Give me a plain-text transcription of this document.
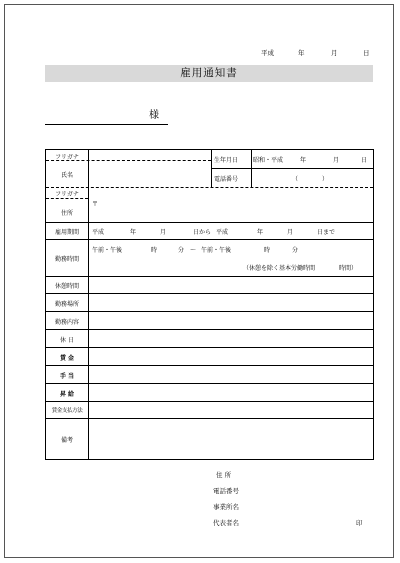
平成	年	月	日
雇用通知書
様
フリガナ
氏名
生年月日 昭和・平成	年	月	日
電話番号	（　　　　）
フリガナ
住所
〒
雇用期間	平成	年	月	日から 平成	年	月	日まで
勤務時間
午前・午後	時	分 ～ 午前・午後	時	分
（休憩を除く基本労働時間	時間）
休憩時間
勤務場所
勤務内容
休 日
賃 金
手 当
昇 給
賃金支払方法
備考
住 所
電話番号
事業所名
代表者名	印
